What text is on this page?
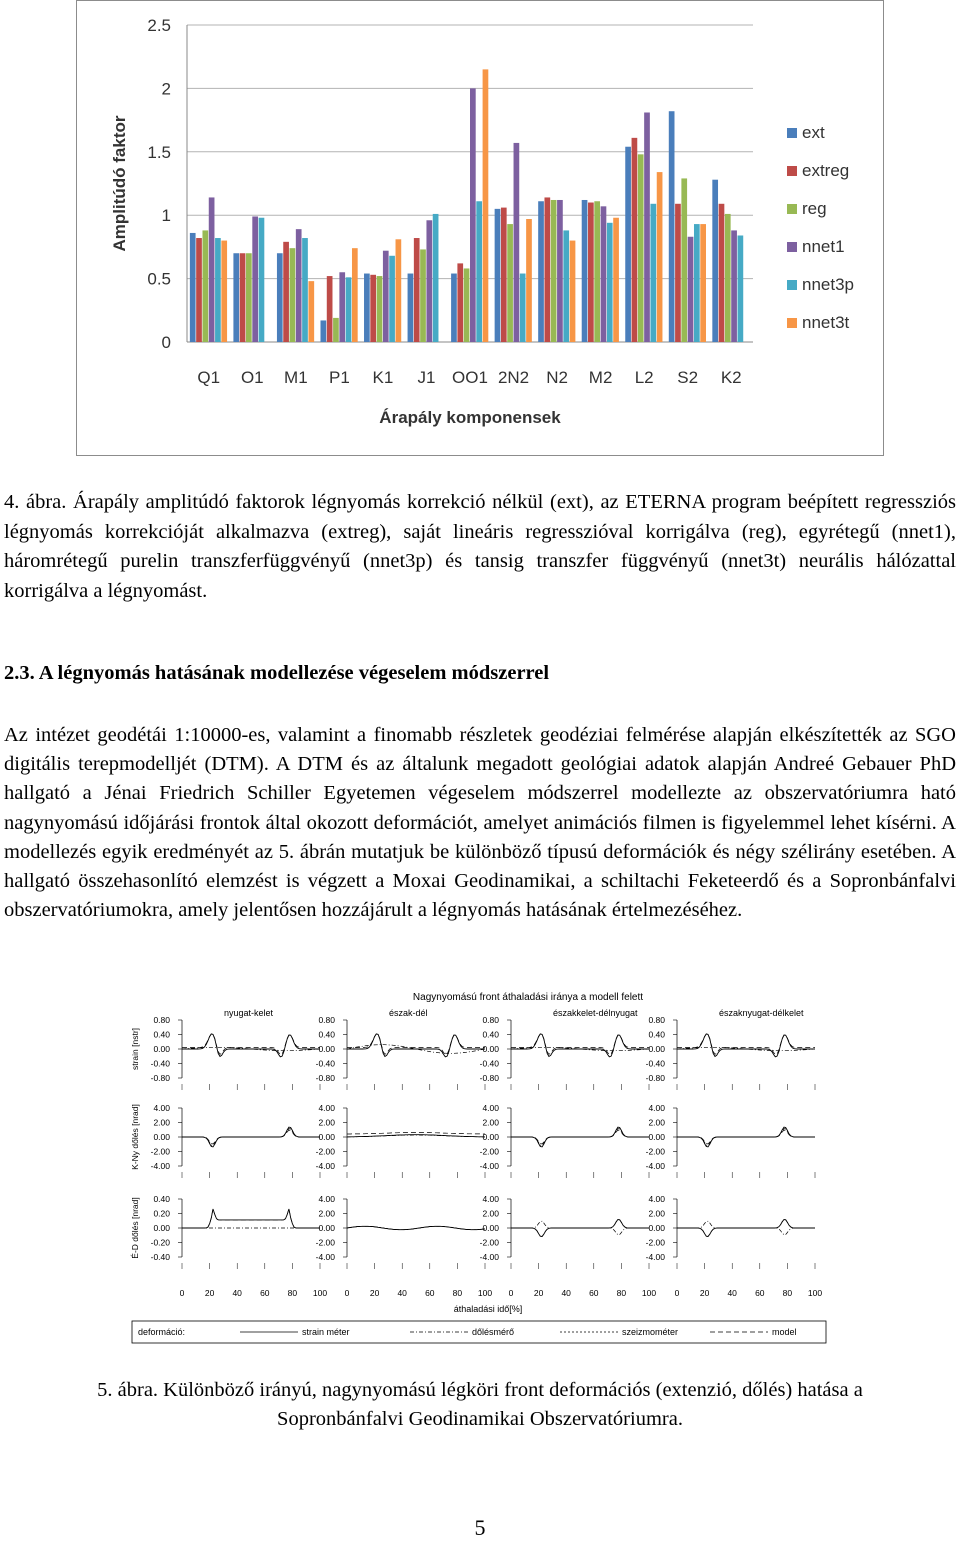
0
0.5
1
1.5
2
2.5
Q1 O1 M1 P1 K1 J1 OO1 2N2 N2 M2 L2 S2 K2
Amplitúdó faktor
Árapály komponensek
ext
extreg
reg
nnet1
nnet3p
nnet3t
4. ábra. Árapály amplitúdó faktorok légnyomás korrekció nélkül (ext), az ETERNA program beépített regressziós légnyomás korrekcióját alkalmazva (extreg), saját lineáris regresszióval korrigálva (reg), egyrétegű (nnet1), háromrétegű purelin transzferfüggvényű (nnet3p) és tansig transzfer függvényű (nnet3t) neurális hálózattal korrigálva a légnyomást.
2.3. A légnyomás hatásának modellezése végeselem módszerrel
Az intézet geodétái 1:10000-es, valamint a finomabb részletek geodéziai felmérése alapján elkészítették az SGO digitális terepmodelljét (DTM). A DTM és az általunk megadott geológiai adatok alapján Andreé Gebauer PhD hallgató a Jénai Friedrich Schiller Egyetemen végeselem módszerrel modellezte az obszervatóriumra ható nagynyomású időjárási frontok által okozott deformációt, amelyet animációs filmen is figyelemmel lehet kísérni. A modellezés egyik eredményét az 5. ábrán mutatjuk be különböző típusú deformációk és négy szélirány esetében. A hallgató összehasonlító elemzést is végzett a Moxai Geodinamikai, a schiltachi Feketeerdő és a Sopronbánfalvi obszervatóriumokra, amely jelentősen hozzájárult a légnyomás hatásának értelmezéséhez.
Nagynyomású front áthaladási iránya a modell felett
strain [nstr]
K-Ny dőlés [nrad]
É-D dőlés [nrad]
0.80
0.40
0.00
-0.40
-0.80
nyugat-kelet
0.80
0.40
0.00
-0.40
-0.80
észak-dél
0.80
0.40
0.00
-0.40
-0.80
északkelet-délnyugat
0.80
0.40
0.00
-0.40
-0.80
északnyugat-délkelet
4.00
2.00
0.00
-2.00
-4.00
4.00
2.00
0.00
-2.00
-4.00
4.00
2.00
0.00
-2.00
-4.00
4.00
2.00
0.00
-2.00
-4.00
0.40
0.20
0.00
-0.20
-0.40
4.00
2.00
0.00
-2.00
-4.00
4.00
2.00
0.00
-2.00
-4.00
4.00
2.00
0.00
-2.00
-4.00
0 20 40 60 80 100 0 20 40 60 80 100 0 20 40 60 80 100 0 20 40 60 80 100
áthaladási idő[%]
deformáció:	strain méter	dőlésmérő	szeizmométer	model
5. ábra. Különböző irányú, nagynyomású légköri front deformációs (extenzió, dőlés) hatása a
Sopronbánfalvi Geodinamikai Obszervatóriumra.
5
